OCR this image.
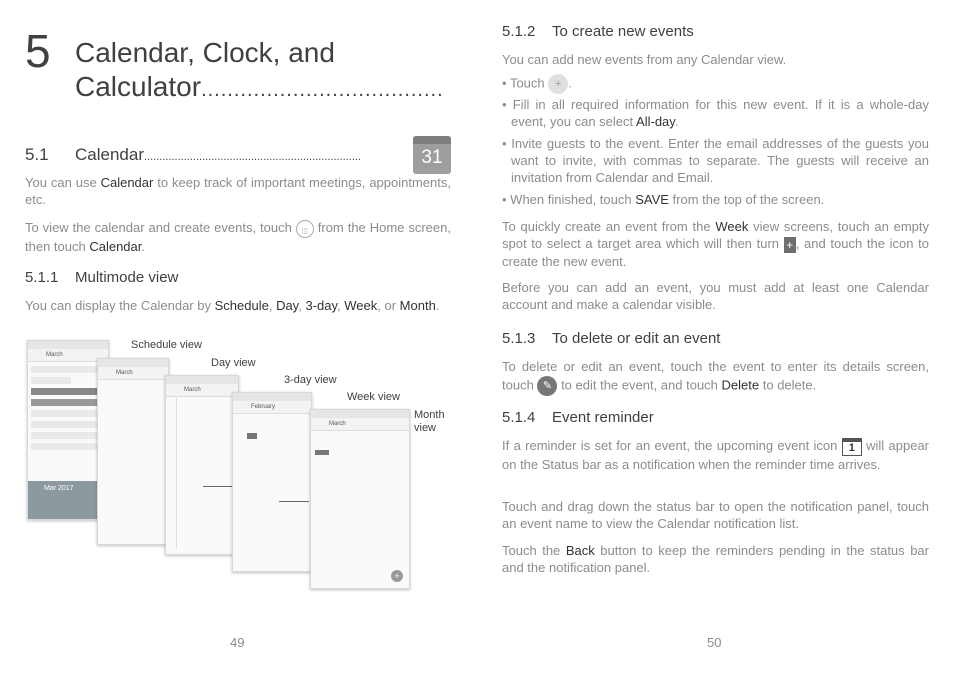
5 Calendar, Clock, and
Calculator.....................................
5.1 Calendar.......................................................................	31
You can use Calendar to keep track of important meetings, appointments, etc.
To view the calendar and create events, touch ⁞⁞⁞ from the Home screen, then touch Calendar.
5.1.1 Multimode view
You can display the Calendar by Schedule, Day, 3-day, Week, or Month.
March
Mar 2017
Schedule view
March
Day view
March
3-day view
February
Week view
March
+
Month view
49
5.1.2 To create new events
You can add new events from any Calendar view.
• Touch + .
• Fill in all required information for this new event. If it is a whole-day event, you can select All-day.
• Invite guests to the event. Enter the email addresses of the guests you want to invite, with commas to separate. The guests will receive an invitation from Calendar and Email.
• When finished, touch SAVE from the top of the screen.
To quickly create an event from the Week view screens, touch an empty spot to select a target area which will then turn + , and touch the icon to create the new event.
Before you can add an event, you must add at least one Calendar account and make a calendar visible.
5.1.3 To delete or edit an event
To delete or edit an event, touch the event to enter its details screen, touch ✎ to edit the event, and touch Delete to delete.
5.1.4 Event reminder
If a reminder is set for an event, the upcoming event icon	1 will appear on the Status bar as a notification when the reminder time arrives.
Touch and drag down the status bar to open the notification panel, touch an event name to view the Calendar notification list.
Touch the Back button to keep the reminders pending in the status bar and the notification panel.
50
